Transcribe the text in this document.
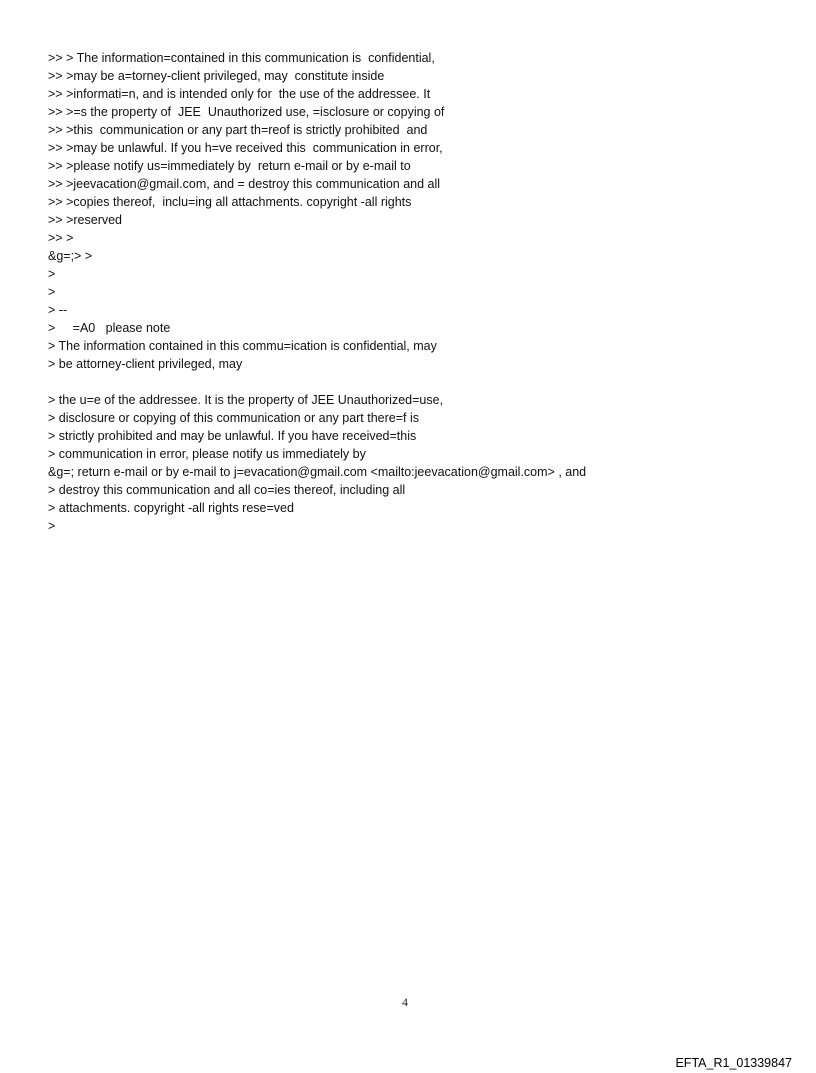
>> > The information=contained in this communication is  confidential,
>> >may be a=torney-client privileged, may  constitute inside
>> >informati=n, and is intended only for  the use of the addressee. It
>> >=s the property of  JEE  Unauthorized use, =isclosure or copying of
>> >this  communication or any part th=reof is strictly prohibited  and
>> >may be unlawful. If you h=ve received this  communication in error,
>> >please notify us=immediately by  return e-mail or by e-mail to
>> >jeevacation@gmail.com, and = destroy this communication and all
>> >copies thereof,  inclu=ing all attachments. copyright -all rights
>> >reserved
>> >
&g=;> >
>
>
> --
>     =A0   please note
> The information contained in this commu=ication is confidential, may
> be attorney-client privileged, may
> the u=e of the addressee. It is the property of JEE Unauthorized=use,
> disclosure or copying of this communication or any part there=f is
> strictly prohibited and may be unlawful. If you have received=this
> communication in error, please notify us immediately by
&g=; return e-mail or by e-mail to j=evacation@gmail.com <mailto:jeevacation@gmail.com> , and
> destroy this communication and all co=ies thereof, including all
> attachments. copyright -all rights rese=ved
>
4
EFTA_R1_01339847
